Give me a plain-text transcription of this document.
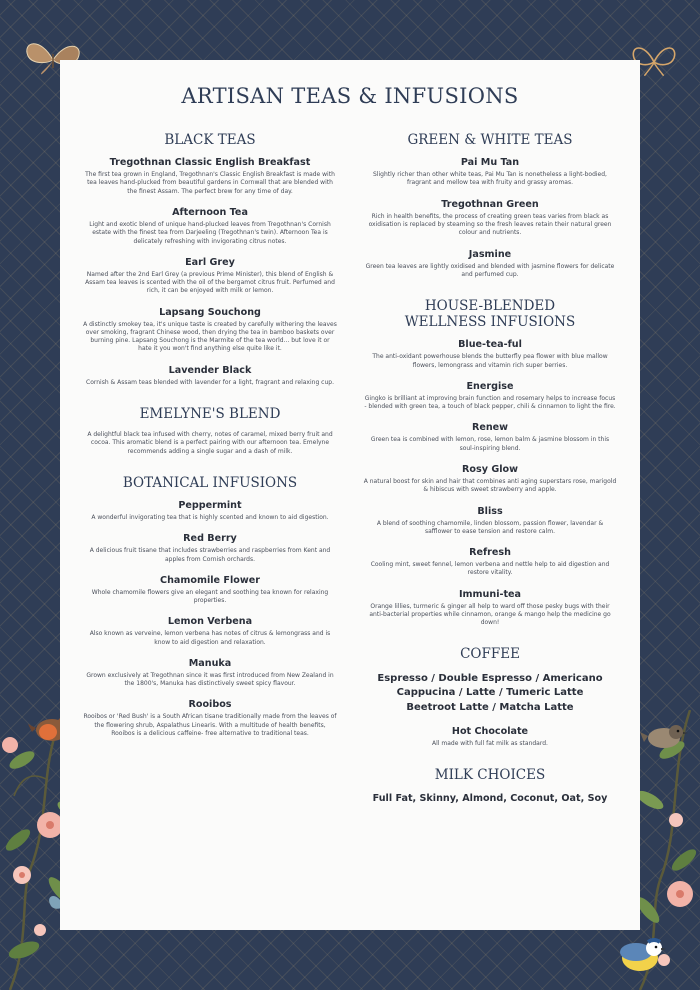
ARTISAN TEAS & INFUSIONS
BLACK TEAS
Tregothnan Classic English Breakfast
The first tea grown in England, Tregothnan's Classic English Breakfast is made with tea leaves hand-plucked from beautiful gardens in Cornwall that are blended with the finest Assam. The perfect brew for any time of day.
Afternoon Tea
Light and exotic blend of unique hand-plucked leaves from Tregothnan's Cornish estate with the finest tea from Darjeeling (Tregothnan's twin). Afternoon Tea is delicately refreshing with invigorating citrus notes.
Earl Grey
Named after the 2nd Earl Grey (a previous Prime Minister), this blend of English & Assam tea leaves is scented with the oil of the bergamot citrus fruit. Perfumed and rich, it can be enjoyed with milk or lemon.
Lapsang Souchong
A distinctly smokey tea, it's unique taste is created by carefully withering the leaves over smoking, fragrant Chinese wood, then drying the tea in bamboo baskets over burning pine. Lapsang Souchong is the Marmite of the tea world... but love it or hate it you won't find anything else quite like it.
Lavender Black
Cornish & Assam teas blended with lavender for a light, fragrant and relaxing cup.
EMELYNE'S BLEND
A delightful black tea infused with cherry, notes of caramel, mixed berry fruit and cocoa. This aromatic blend is a perfect pairing with our afternoon tea. Emelyne recommends adding a single sugar and a dash of milk.
BOTANICAL INFUSIONS
Peppermint
A wonderful invigorating tea that is highly scented and known to aid digestion.
Red Berry
A delicious fruit tisane that includes strawberries and raspberries from Kent and apples from Cornish orchards.
Chamomile Flower
Whole chamomile flowers give an elegant and soothing tea known for relaxing properties.
Lemon Verbena
Also known as verveine, lemon verbena has notes of citrus & lemongrass and is know to aid digestion and relaxation.
Manuka
Grown exclusively at Tregothnan since it was first introduced from New Zealand in the 1800's, Manuka has distinctively sweet spicy flavour.
Rooibos
Rooibos or 'Red Bush' is a South African tisane traditionally made from the leaves of the flowering shrub, Aspalathus Linearis. With a multitude of health benefits, Rooibos is a delicious caffeine- free alternative to traditional teas.
GREEN & WHITE TEAS
Pai Mu Tan
Slightly richer than other white teas, Pai Mu Tan is nonetheless a light-bodied, fragrant and mellow tea with fruity and grassy aromas.
Tregothnan Green
Rich in health benefits, the process of creating green teas varies from black as oxidisation is replaced by steaming so the fresh leaves retain their natural green colour and nutrients.
Jasmine
Green tea leaves are lightly oxidised and blended with jasmine flowers for delicate and perfumed cup.
HOUSE-BLENDED
WELLNESS INFUSIONS
Blue-tea-ful
The anti-oxidant powerhouse blends the butterfly pea flower with blue mallow flowers, lemongrass and vitamin rich super berries.
Energise
Gingko is brilliant at improving brain function and rosemary helps to increase focus - blended with green tea, a touch of black pepper, chili & cinnamon to light the fire.
Renew
Green tea is combined with lemon, rose, lemon balm & jasmine blossom in this soul-inspiring blend.
Rosy Glow
A natural boost for skin and hair that combines anti aging superstars rose, marigold & hibiscus with sweet strawberry and apple.
Bliss
A blend of soothing chamomile, linden blossom, passion flower, lavendar & safflower to ease tension and restore calm.
Refresh
Cooling mint, sweet fennel, lemon verbena and nettle help to aid digestion and restore vitality.
Immuni-tea
Orange lillies, turmeric & ginger all help to ward off those pesky bugs with their anti-bacterial properties while cinnamon, orange & mango help the medicine go down!
COFFEE
Espresso / Double Espresso / Americano
Cappucina / Latte / Tumeric Latte
Beetroot Latte / Matcha Latte
Hot Chocolate
All made with full fat milk as standard.
MILK CHOICES
Full Fat, Skinny, Almond, Coconut, Oat, Soy
